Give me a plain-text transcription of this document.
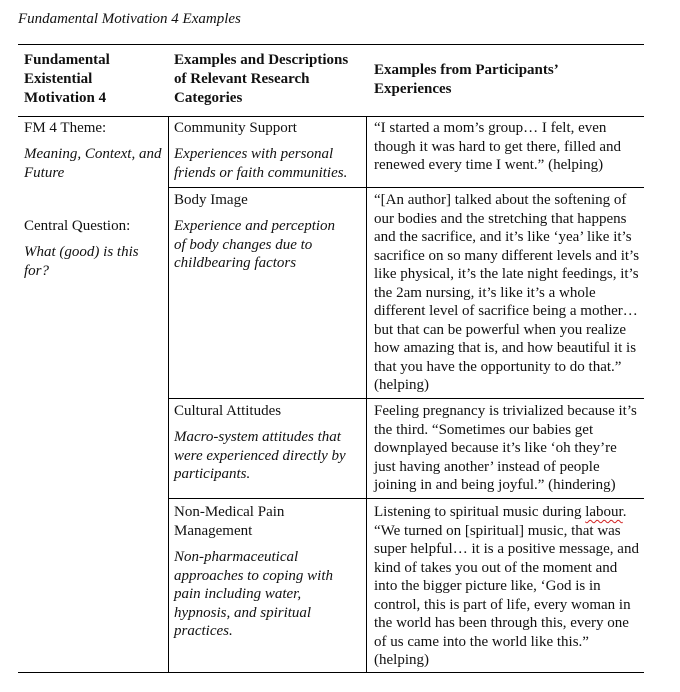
Fundamental Motivation 4 Examples
Fundamental Existential Motivation 4
Examples and Descriptions of Relevant Research Categories
Examples from Participants’ Experiences
FM 4 Theme:
Meaning, Context, and Future
Central Question:
What (good) is this for?
Community Support
Experiences with personal friends or faith communities.
“I started a mom’s group… I felt, even though it was hard to get there, filled and renewed every time I went.” (helping)
Body Image
Experience and perception of body changes due to childbearing factors
“[An author] talked about the softening of our bodies and the stretching that happens and the sacrifice, and it’s like ‘yea’ like it’s sacrifice on so many different levels and it’s like physical, it’s the late night feedings, it’s the 2am nursing, it’s like it’s a whole different level of sacrifice being a mother…but that can be powerful when you realize how amazing that is, and how beautiful it is that you have the opportunity to do that.” (helping)
Cultural Attitudes
Macro-system attitudes that were experienced directly by participants.
Feeling pregnancy is trivialized because it’s the third. “Sometimes our babies get downplayed because it’s like ‘oh they’re just having another’ instead of people joining in and being joyful.” (hindering)
Non-Medical Pain Management
Non-pharmaceutical approaches to coping with pain including water, hypnosis, and spiritual practices.
Listening to spiritual music during labour. “We turned on [spiritual] music, that was super helpful… it is a positive message, and kind of takes you out of the moment and into the bigger picture like, ‘God is in control, this is part of life, every woman in the world has been through this, every one of us came into the world like this.” (helping)
